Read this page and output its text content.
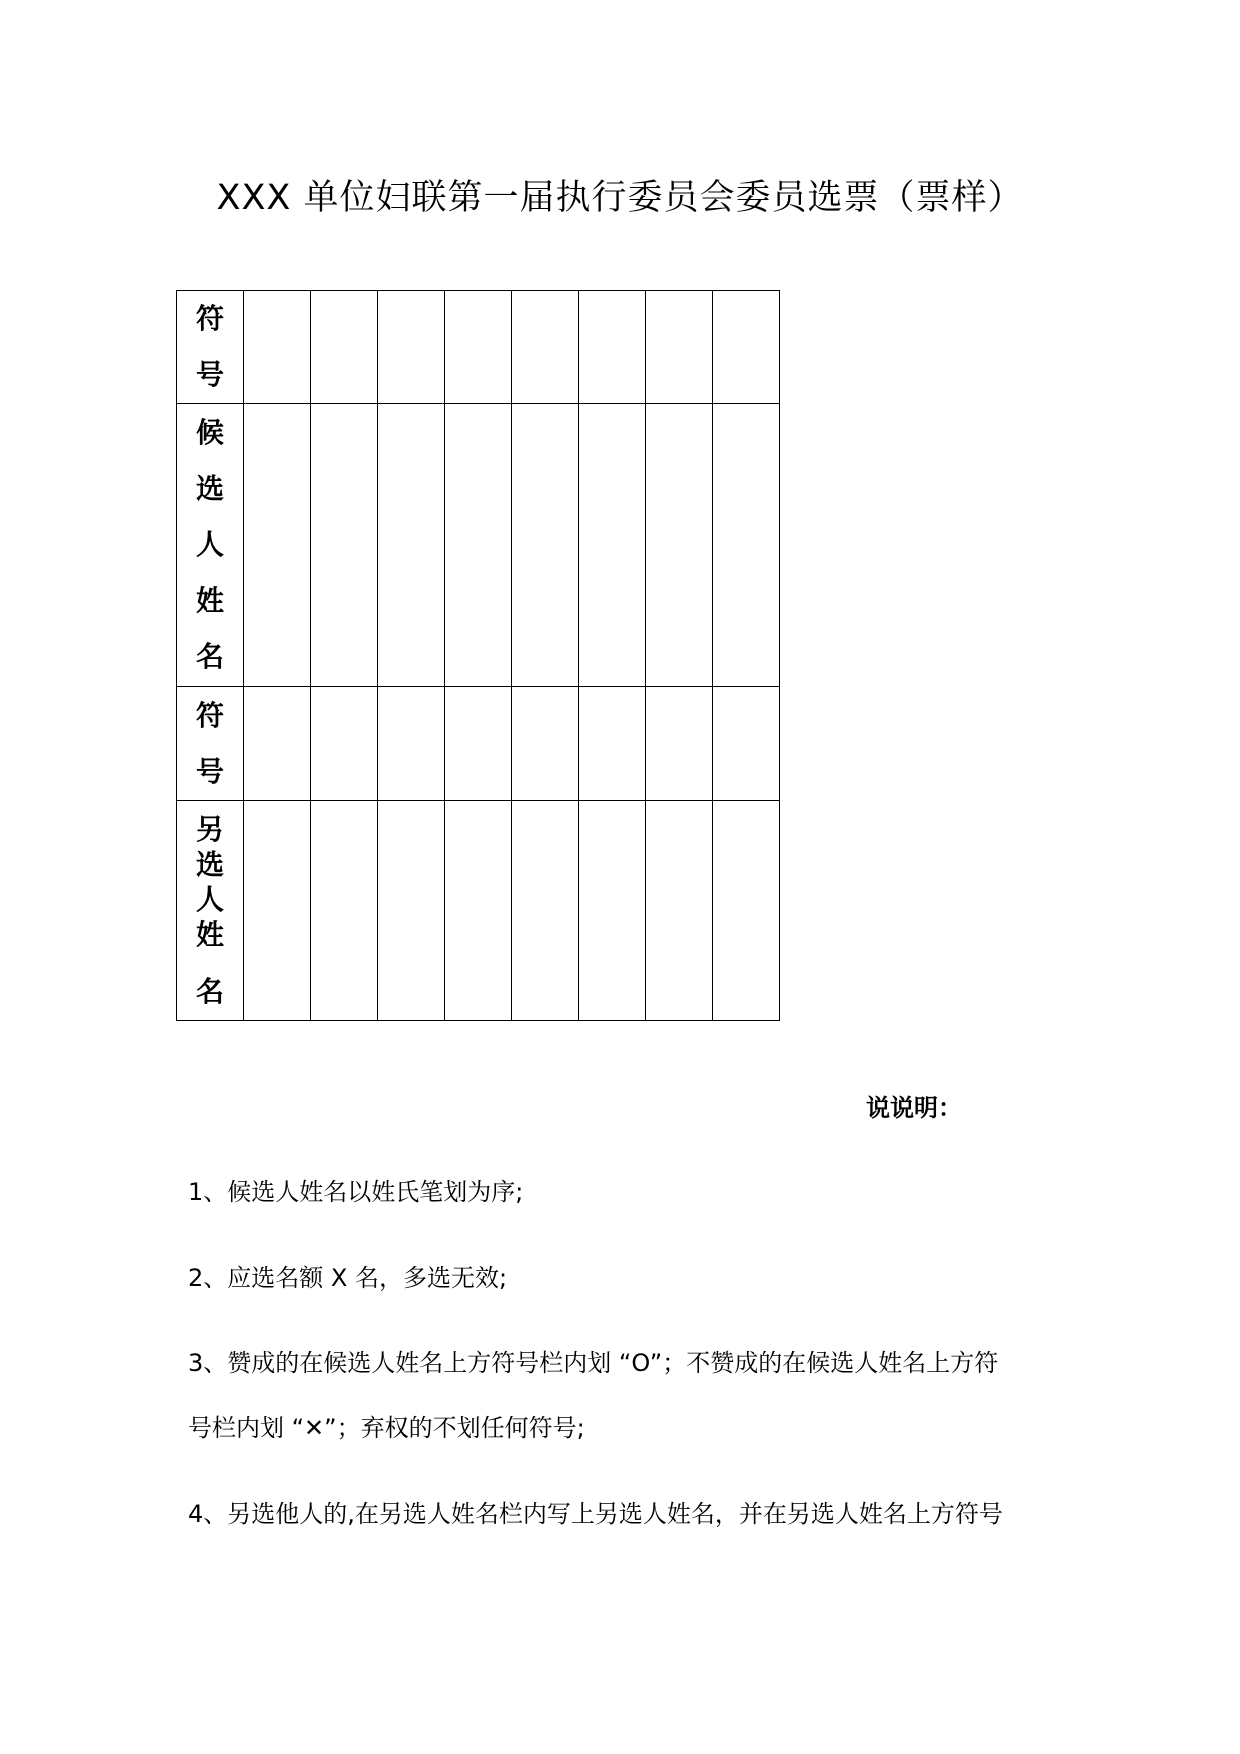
XXX 单位妇联第一届执行委员会委员选票（票样）
符
号								

候
选
人
姓
名								

符
号								

另
选
人
姓
名								

说说明：
1、候选人姓名以姓氏笔划为序;
2、应选名额 X 名，多选无效;
3、赞成的在候选人姓名上方符号栏内划 “O”；不赞成的在候选人姓名上方符
号栏内划 “✕”；弃权的不划任何符号;
4、另选他人的,在另选人姓名栏内写上另选人姓名，并在另选人姓名上方符号
